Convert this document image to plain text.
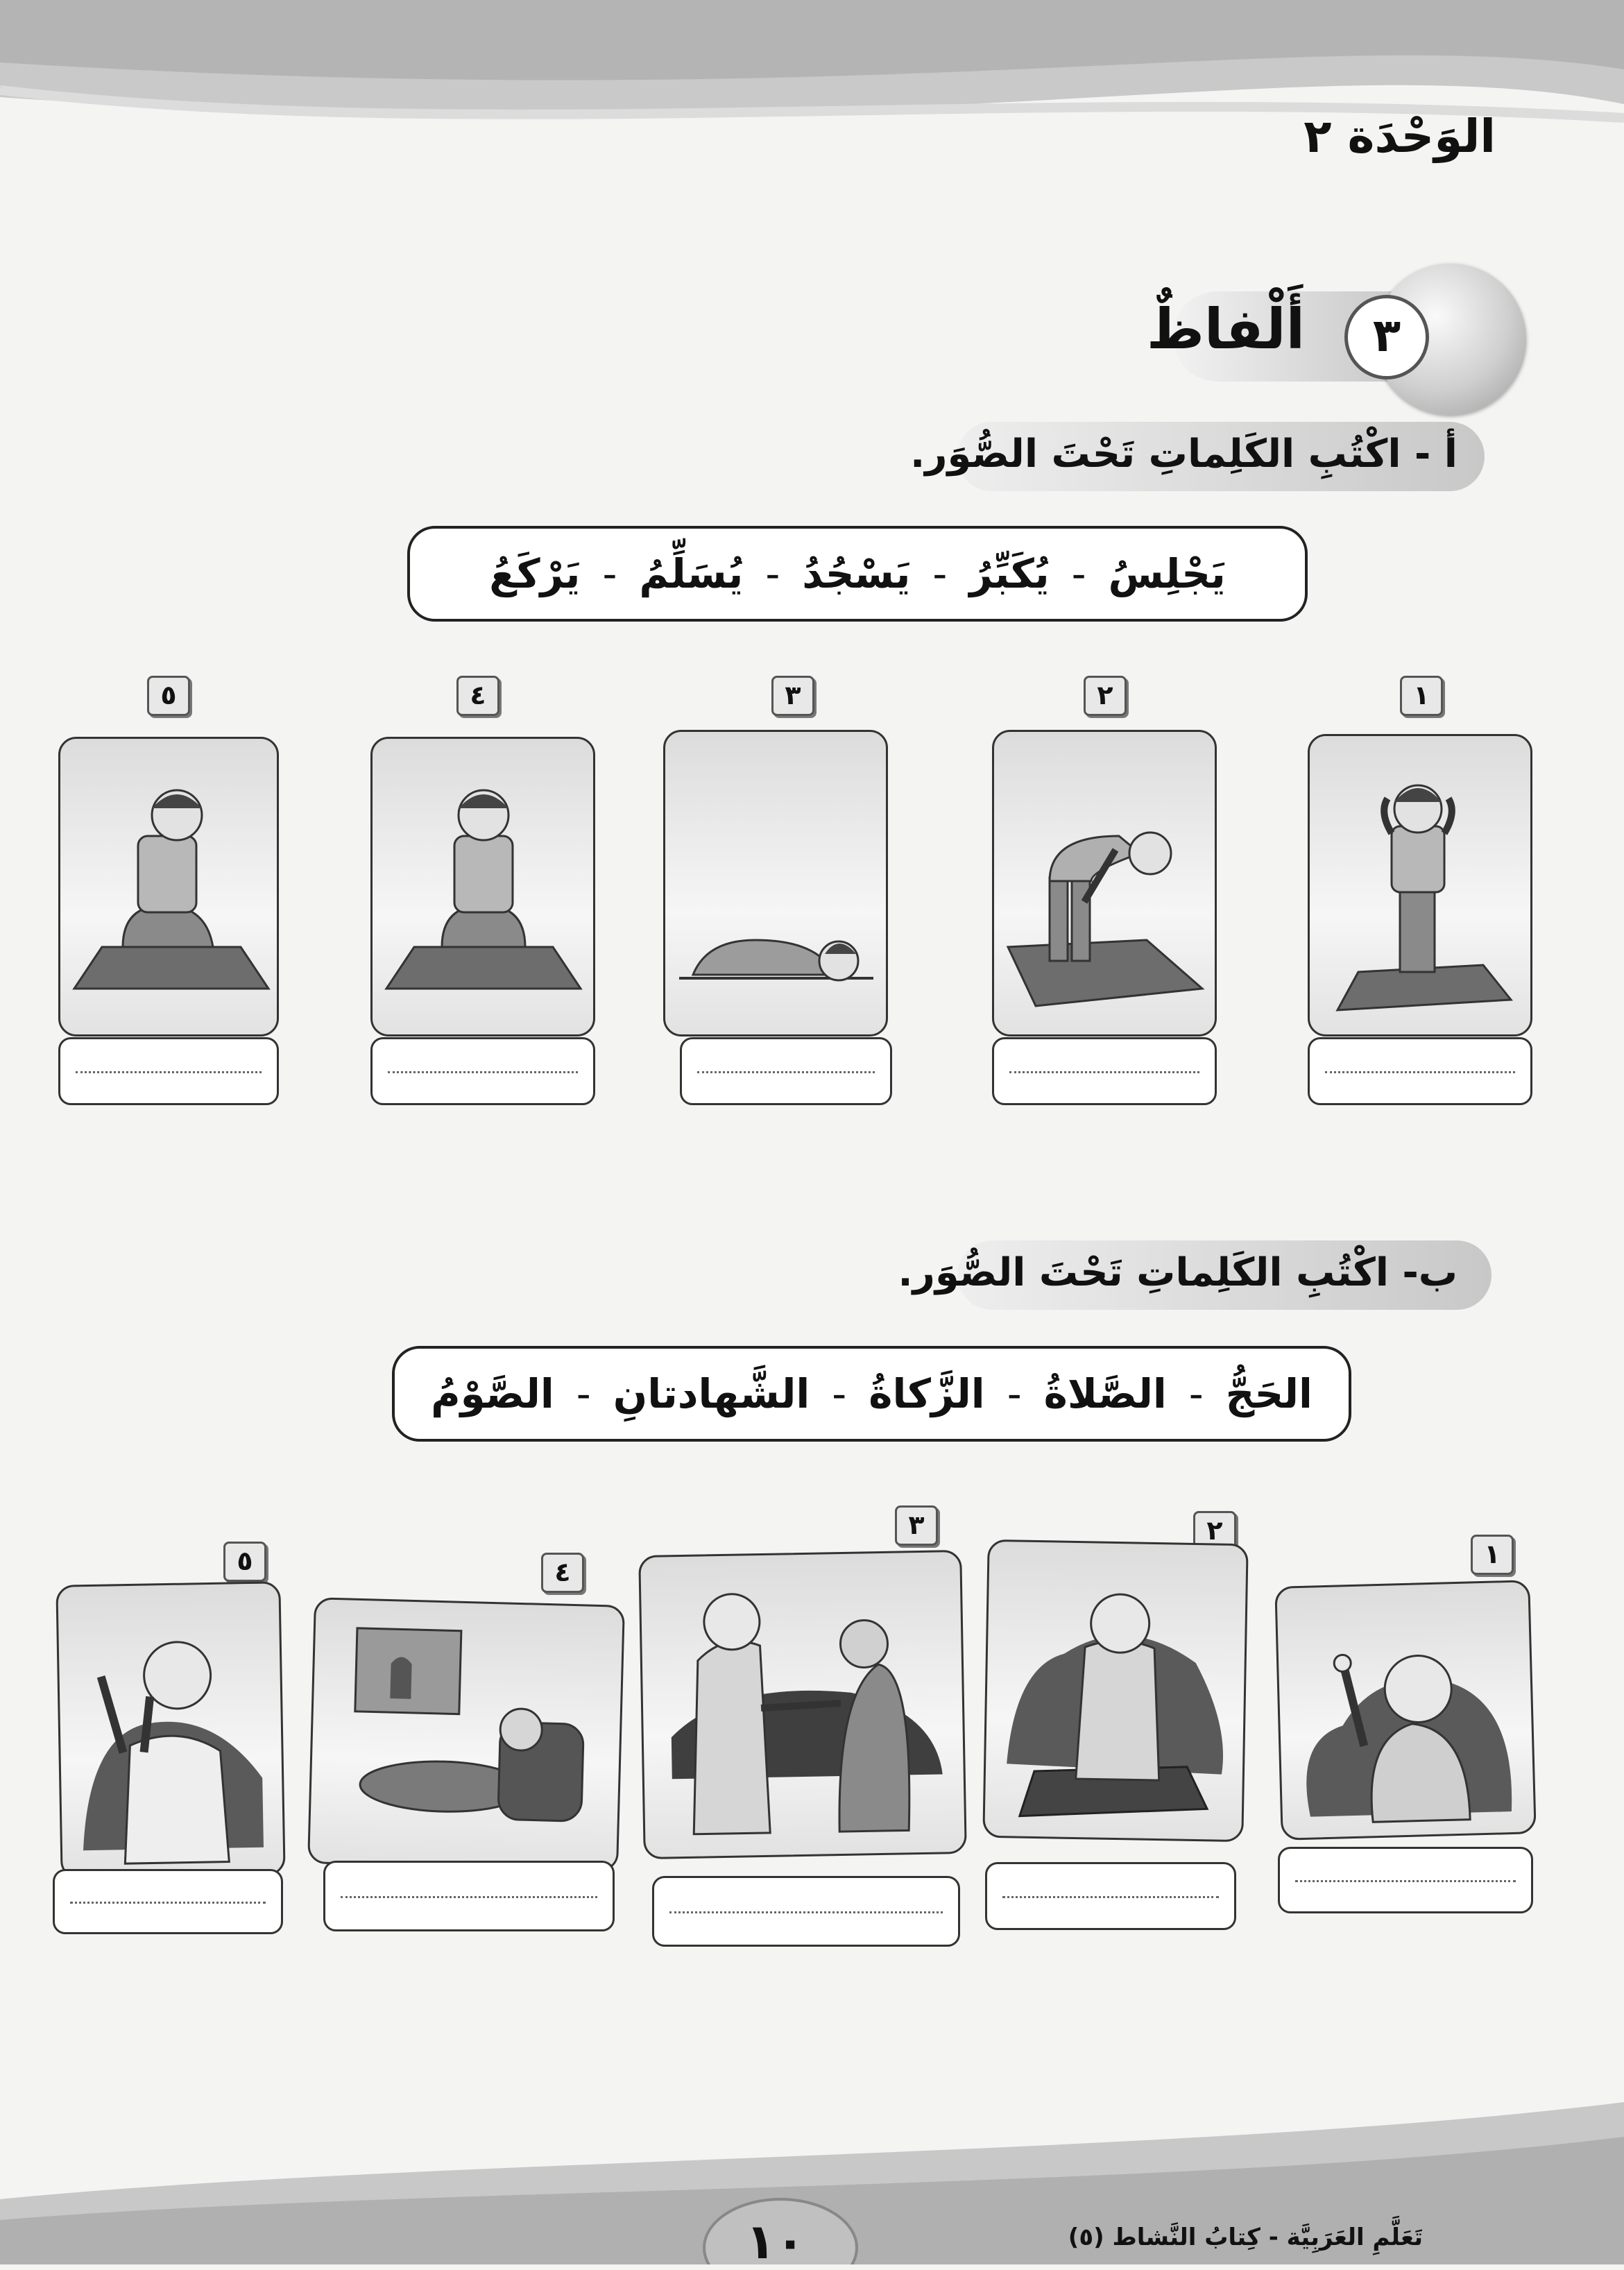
الوَحْدَة ٢
٣
أَلْفاظٌ
أ - اكْتُبِ الكَلِماتِ تَحْتَ الصُّوَر.
يَجْلِسُ
-
يُكَبِّرُ
-
يَسْجُدُ
-
يُسَلِّمُ
-
يَرْكَعُ
١
٢
٣
٤
٥
ب- اكْتُبِ الكَلِماتِ تَحْتَ الصُّوَر.
الحَجُّ
-
الصَّلاةُ
-
الزَّكاةُ
-
الشَّهادتانِ
-
الصَّوْمُ
١
٢
٣
٤
٥
١٠	تَعَلَّمِ العَرَبِيَّة - كِتابُ النَّشاط (٥)
